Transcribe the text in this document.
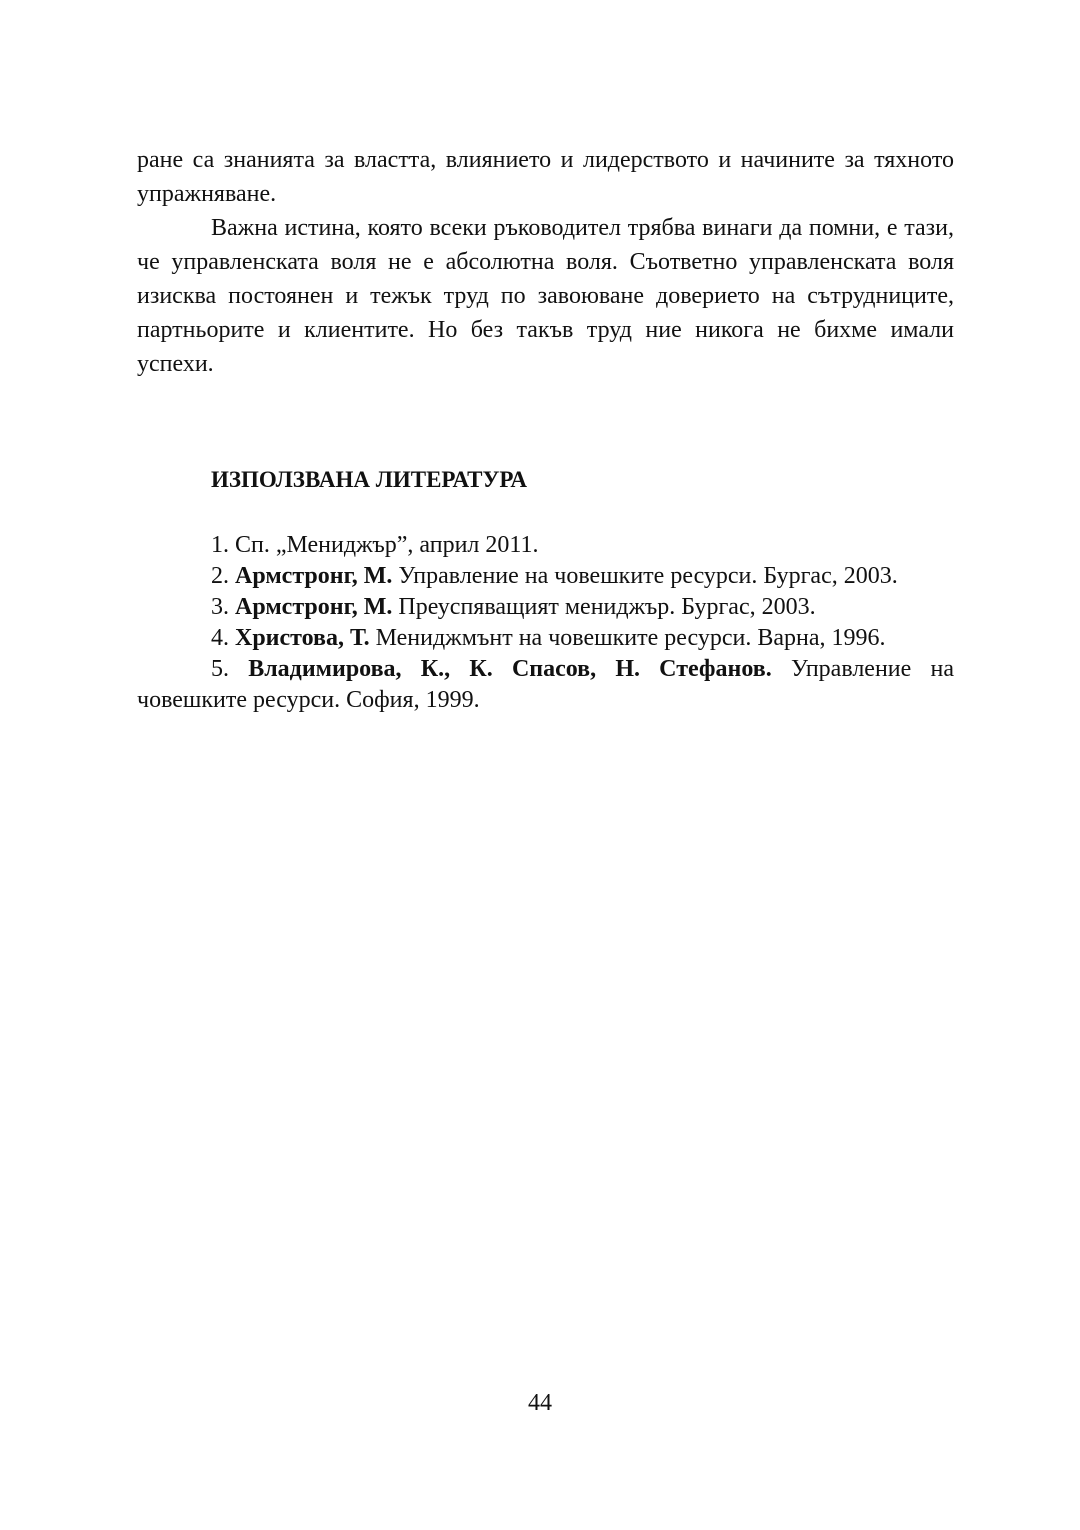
ране са знанията за властта, влиянието и лидерството и начините за тяхното упражняване.

Важна истина, която всеки ръководител трябва винаги да помни, е тази, че управленската воля не е абсолютна воля. Съответно управленската воля изисква постоянен и тежък труд по завоюване доверието на сътрудниците, партньорите и клиентите. Но без такъв труд ние никога не бихме имали успехи.

ИЗПОЛЗВАНА ЛИТЕРАТУРА

1. Сп. „Мениджър”, април 2011.

2. Армстронг, М. Управление на човешките ресурси. Бургас, 2003.

3. Армстронг, М. Преуспяващият мениджър. Бургас, 2003.

4. Христова, Т. Мениджмънт на човешките ресурси. Варна, 1996.

5. Владимирова, К., К. Спасов, Н. Стефанов. Управление на човешките ресурси. София, 1999.

44
